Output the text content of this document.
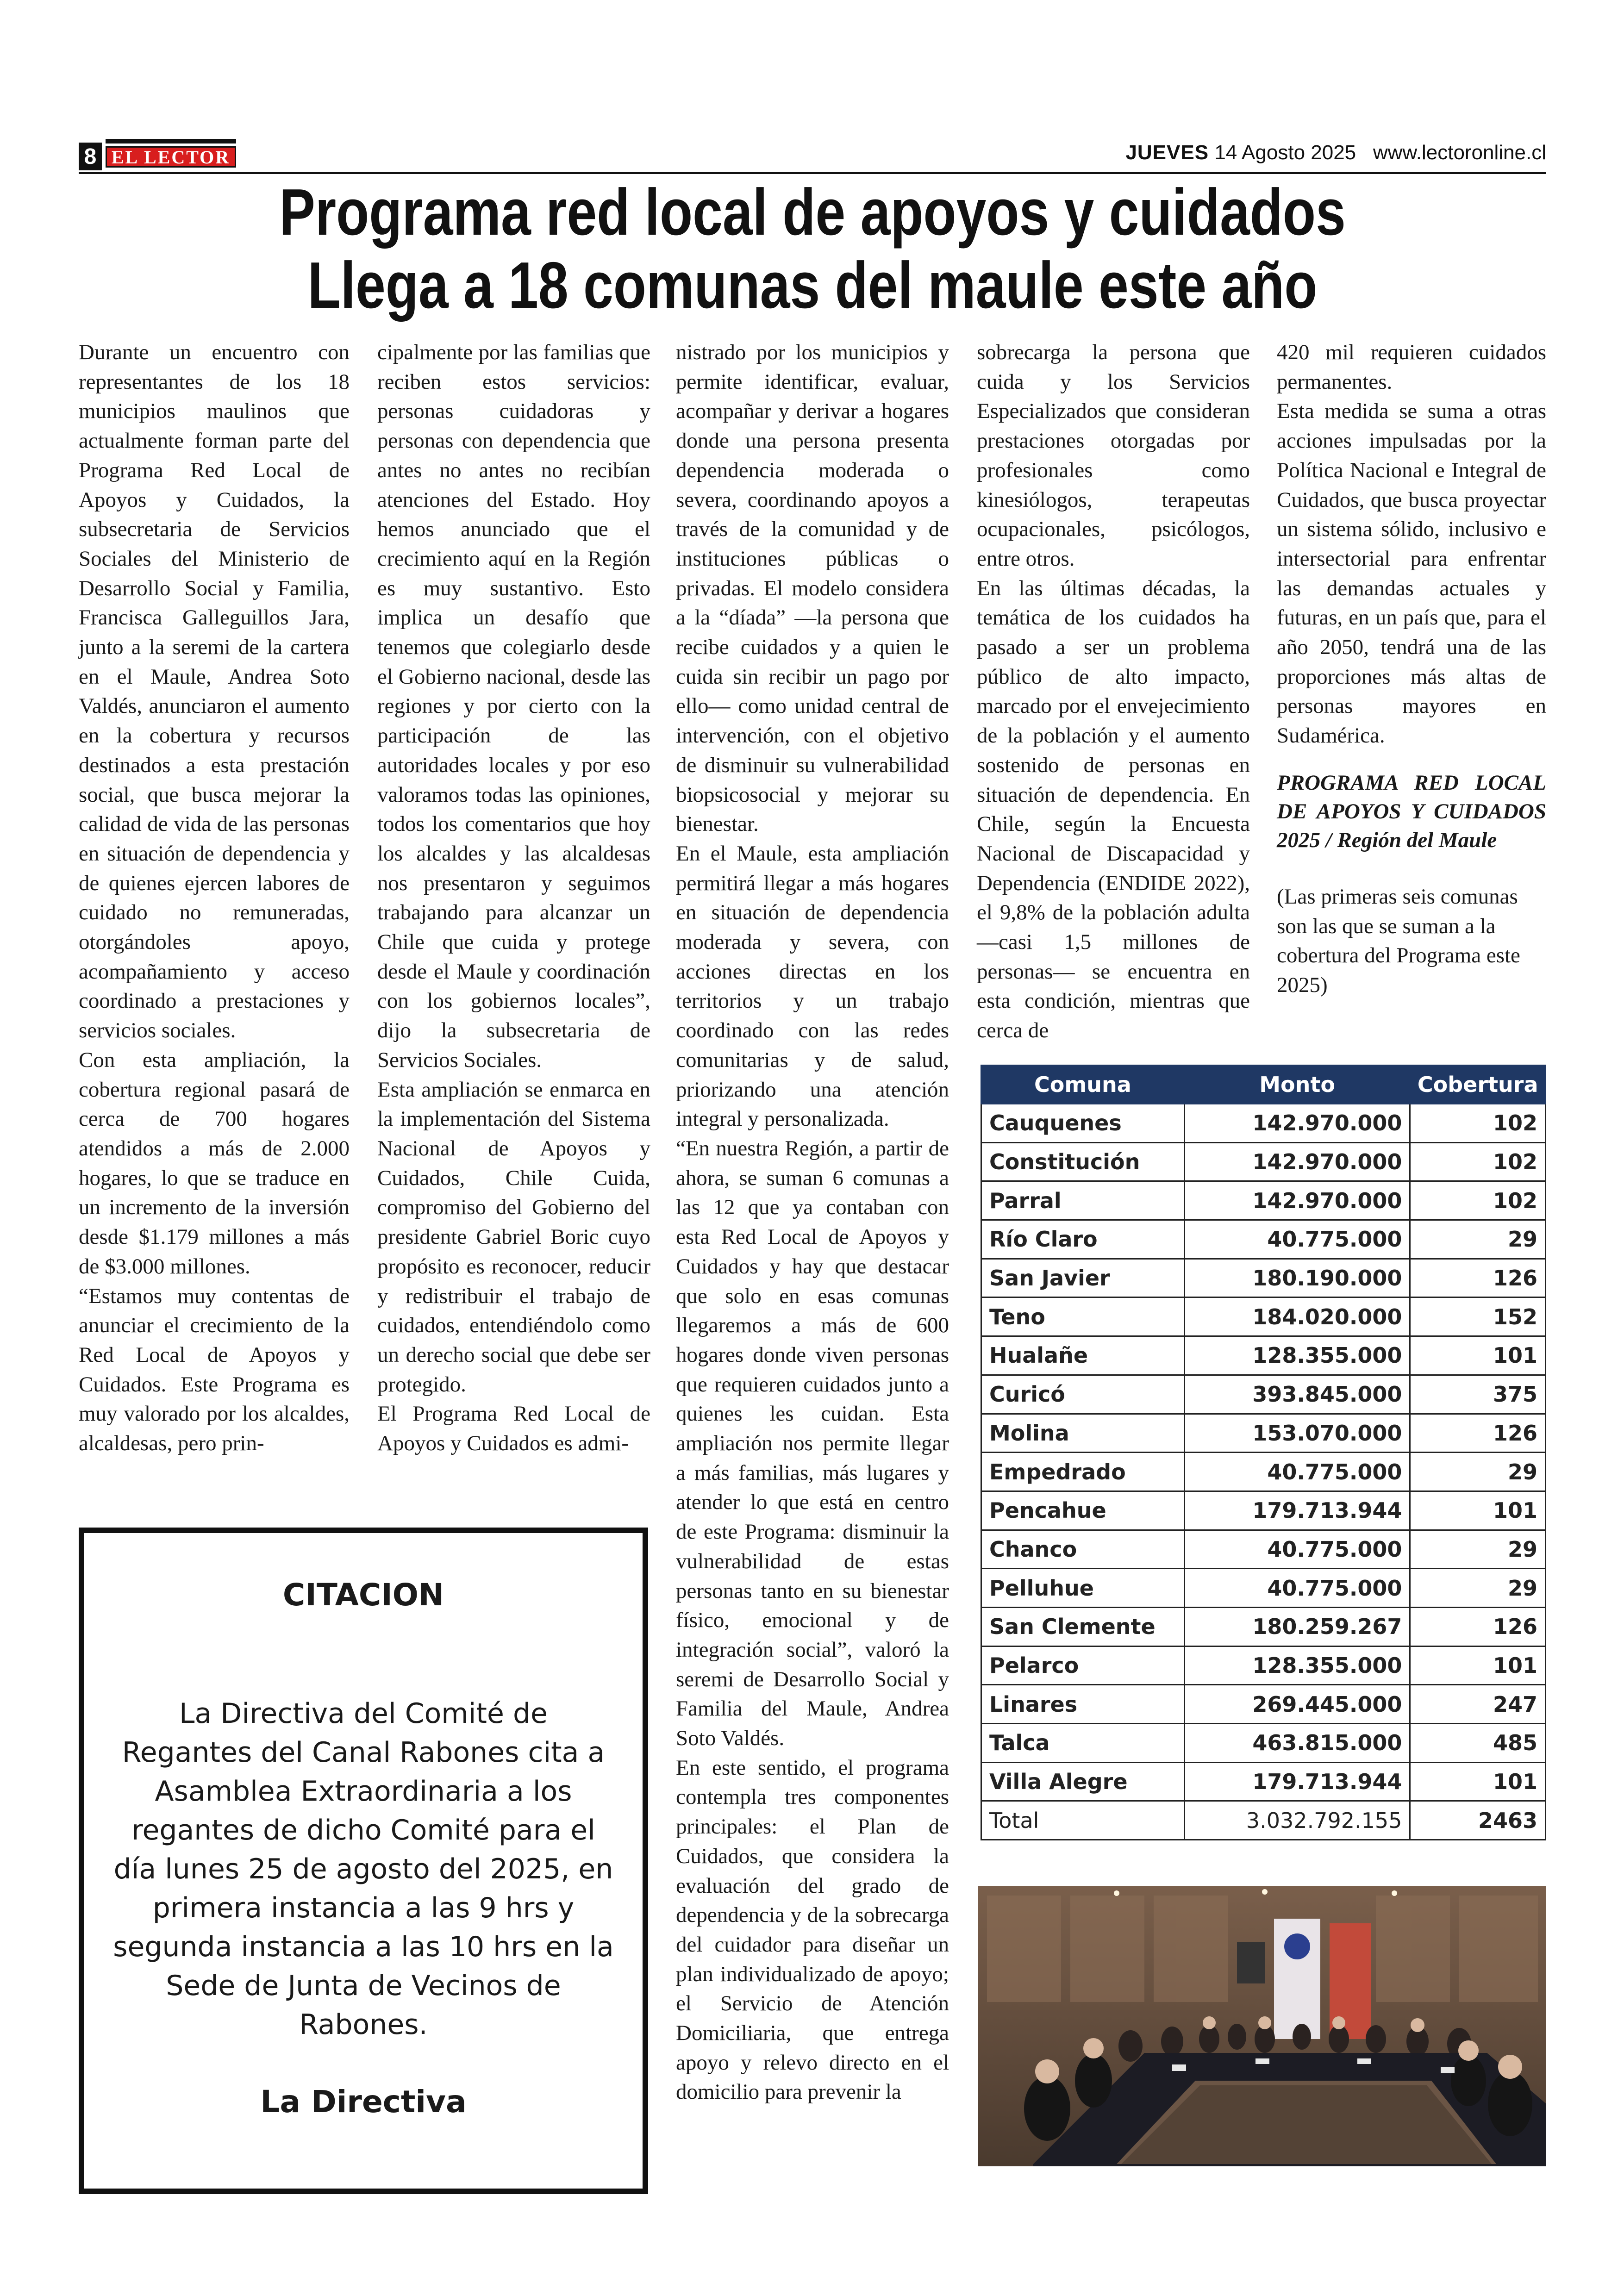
8 EL LECTOR	JUEVES 14 Agosto 2025 www.lectoronline.cl
Programa red local de apoyos y cuidados
Llega a 18 comunas del maule este año

Durante un encuentro con representantes de los 18 municipios maulinos que actualmente forman parte del Programa Red Local de Apoyos y Cuidados, la subsecretaria de Servicios Sociales del Ministerio de Desarrollo Social y Familia, Francisca Galleguillos Jara, junto a la seremi de la cartera en el Maule, Andrea Soto Valdés, anunciaron el aumento en la cobertura y recursos destinados a esta prestación social, que busca mejorar la calidad de vida de las personas en situación de dependencia y de quienes ejercen labores de cuidado no remuneradas, otorgándoles apoyo, acompañamiento y acceso coordinado a prestaciones y servicios sociales.

Con esta ampliación, la cobertura regional pasará de cerca de 700 hogares atendidos a más de 2.000 hogares, lo que se traduce en un incremento de la inversión desde $1.179 millones a más de $3.000 millones.

“Estamos muy contentas de anunciar el crecimiento de la Red Local de Apoyos y Cuidados. Este Programa es muy valorado por los alcaldes, alcaldesas, pero prin-

cipalmente por las familias que reciben estos servicios: personas cuidadoras y personas con dependencia que antes no antes no recibían atenciones del Estado. Hoy hemos anunciado que el crecimiento aquí en la Región es muy sustantivo. Esto implica un desafío que tenemos que colegiarlo desde el Gobierno nacional, desde las regiones y por cierto con la participación de las autoridades locales y por eso valoramos todas las opiniones, todos los comentarios que hoy los alcaldes y las alcaldesas nos presentaron y seguimos trabajando para alcanzar un Chile que cuida y protege desde el Maule y coordinación con los gobiernos locales”, dijo la subsecretaria de Servicios Sociales.

Esta ampliación se enmarca en la implementación del Sistema Nacional de Apoyos y Cuidados, Chile Cuida, compromiso del Gobierno del presidente Gabriel Boric cuyo propósito es reconocer, reducir y redistribuir el trabajo de cuidados, entendiéndolo como un derecho social que debe ser protegido.

El Programa Red Local de Apoyos y Cuidados es admi-

nistrado por los municipios y permite identificar, evaluar, acompañar y derivar a hogares donde una persona presenta dependencia moderada o severa, coordinando apoyos a través de la comunidad y de instituciones públicas o privadas. El modelo considera a la “díada” —la persona que recibe cuidados y a quien le cuida sin recibir un pago por ello— como unidad central de intervención, con el objetivo de disminuir su vulnerabilidad biopsicosocial y mejorar su bienestar.

En el Maule, esta ampliación permitirá llegar a más hogares en situación de dependencia moderada y severa, con acciones directas en los territorios y un trabajo coordinado con las redes comunitarias y de salud, priorizando una atención integral y personalizada.

“En nuestra Región, a partir de ahora, se suman 6 comunas a las 12 que ya contaban con esta Red Local de Apoyos y Cuidados y hay que destacar que solo en esas comunas llegaremos a más de 600 hogares donde viven personas que requieren cuidados junto a quienes les cuidan. Esta ampliación nos permite llegar a más familias, más lugares y atender lo que está en centro de este Programa: disminuir la vulnerabilidad de estas personas tanto en su bienestar físico, emocional y de integración social”, valoró la seremi de Desarrollo Social y Familia del Maule, Andrea Soto Valdés.

En este sentido, el programa contempla tres componentes principales: el Plan de Cuidados, que considera la evaluación del grado de dependencia y de la sobrecarga del cuidador para diseñar un plan individualizado de apoyo; el Servicio de Atención Domiciliaria, que entrega apoyo y relevo directo en el domicilio para prevenir la

sobrecarga la persona que cuida y los Servicios Especializados que consideran prestaciones otorgadas por profesionales como kinesiólogos, terapeutas ocupacionales, psicólogos, entre otros.

En las últimas décadas, la temática de los cuidados ha pasado a ser un problema público de alto impacto, marcado por el envejecimiento de la población y el aumento sostenido de personas en situación de dependencia. En Chile, según la Encuesta Nacional de Discapacidad y Dependencia (ENDIDE 2022), el 9,8% de la población adulta —casi 1,5 millones de personas— se encuentra en esta condición, mientras que cerca de

420 mil requieren cuidados permanentes.

Esta medida se suma a otras acciones impulsadas por la Política Nacional e Integral de Cuidados, que busca proyectar un sistema sólido, inclusivo e intersectorial para enfrentar las demandas actuales y futuras, en un país que, para el año 2050, tendrá una de las proporciones más altas de personas mayores en Sudamérica.

PROGRAMA RED LOCAL DE APOYOS Y CUIDADOS 2025 / Región del Maule

(Las primeras seis comunas son las que se suman a la cobertura del Programa este 2025)

CITACION
La Directiva del Comité de Regantes del Canal Rabones cita a Asamblea Extraordinaria a los regantes de dicho Comité para el día lunes 25 de agosto del 2025, en primera instancia a las 9 hrs y segunda instancia a las 10 hrs en la Sede de Junta de Vecinos de Rabones.
La Directiva
Comuna	Monto	Cobertura
Cauquenes	142.970.000	102
Constitución	142.970.000	102
Parral	142.970.000	102
Río Claro	40.775.000	29
San Javier	180.190.000	126
Teno	184.020.000	152
Hualañe	128.355.000	101
Curicó	393.845.000	375
Molina	153.070.000	126
Empedrado	40.775.000	29
Pencahue	179.713.944	101
Chanco	40.775.000	29
Pelluhue	40.775.000	29
San Clemente	180.259.267	126
Pelarco	128.355.000	101
Linares	269.445.000	247
Talca	463.815.000	485
Villa Alegre	179.713.944	101
Total	3.032.792.155	2463
